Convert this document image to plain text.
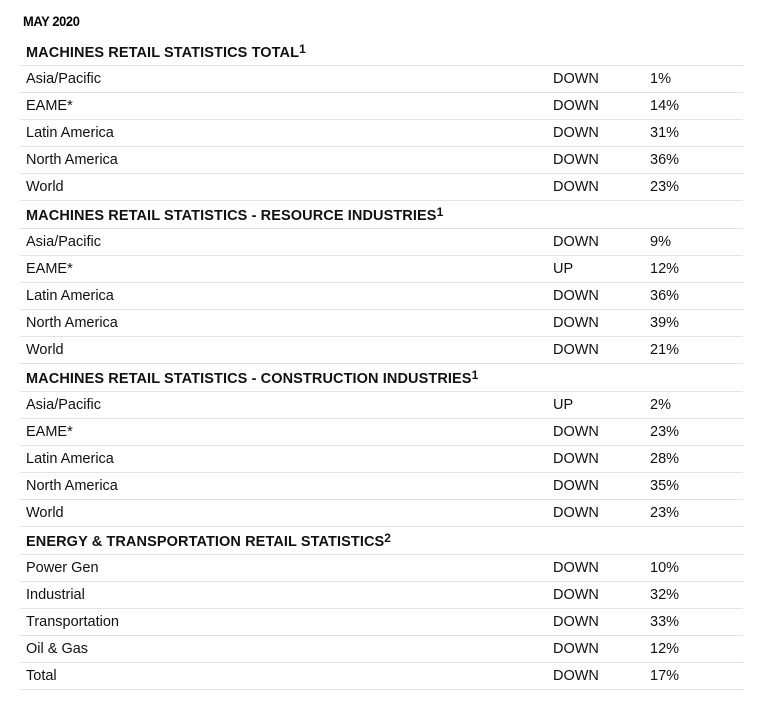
MAY 2020
MACHINES RETAIL STATISTICS TOTAL$^1$
Asia/Pacific	DOWN	1%
EAME*	DOWN	14%
Latin America	DOWN	31%
North America	DOWN	36%
World	DOWN	23%
MACHINES RETAIL STATISTICS - RESOURCE INDUSTRIES$^1$
Asia/Pacific	DOWN	9%
EAME*	UP	12%
Latin America	DOWN	36%
North America	DOWN	39%
World	DOWN	21%
MACHINES RETAIL STATISTICS - CONSTRUCTION INDUSTRIES$^1$
Asia/Pacific	UP	2%
EAME*	DOWN	23%
Latin America	DOWN	28%
North America	DOWN	35%
World	DOWN	23%
ENERGY & TRANSPORTATION RETAIL STATISTICS$^2$
Power Gen	DOWN	10%
Industrial	DOWN	32%
Transportation	DOWN	33%
Oil & Gas	DOWN	12%
Total	DOWN	17%
